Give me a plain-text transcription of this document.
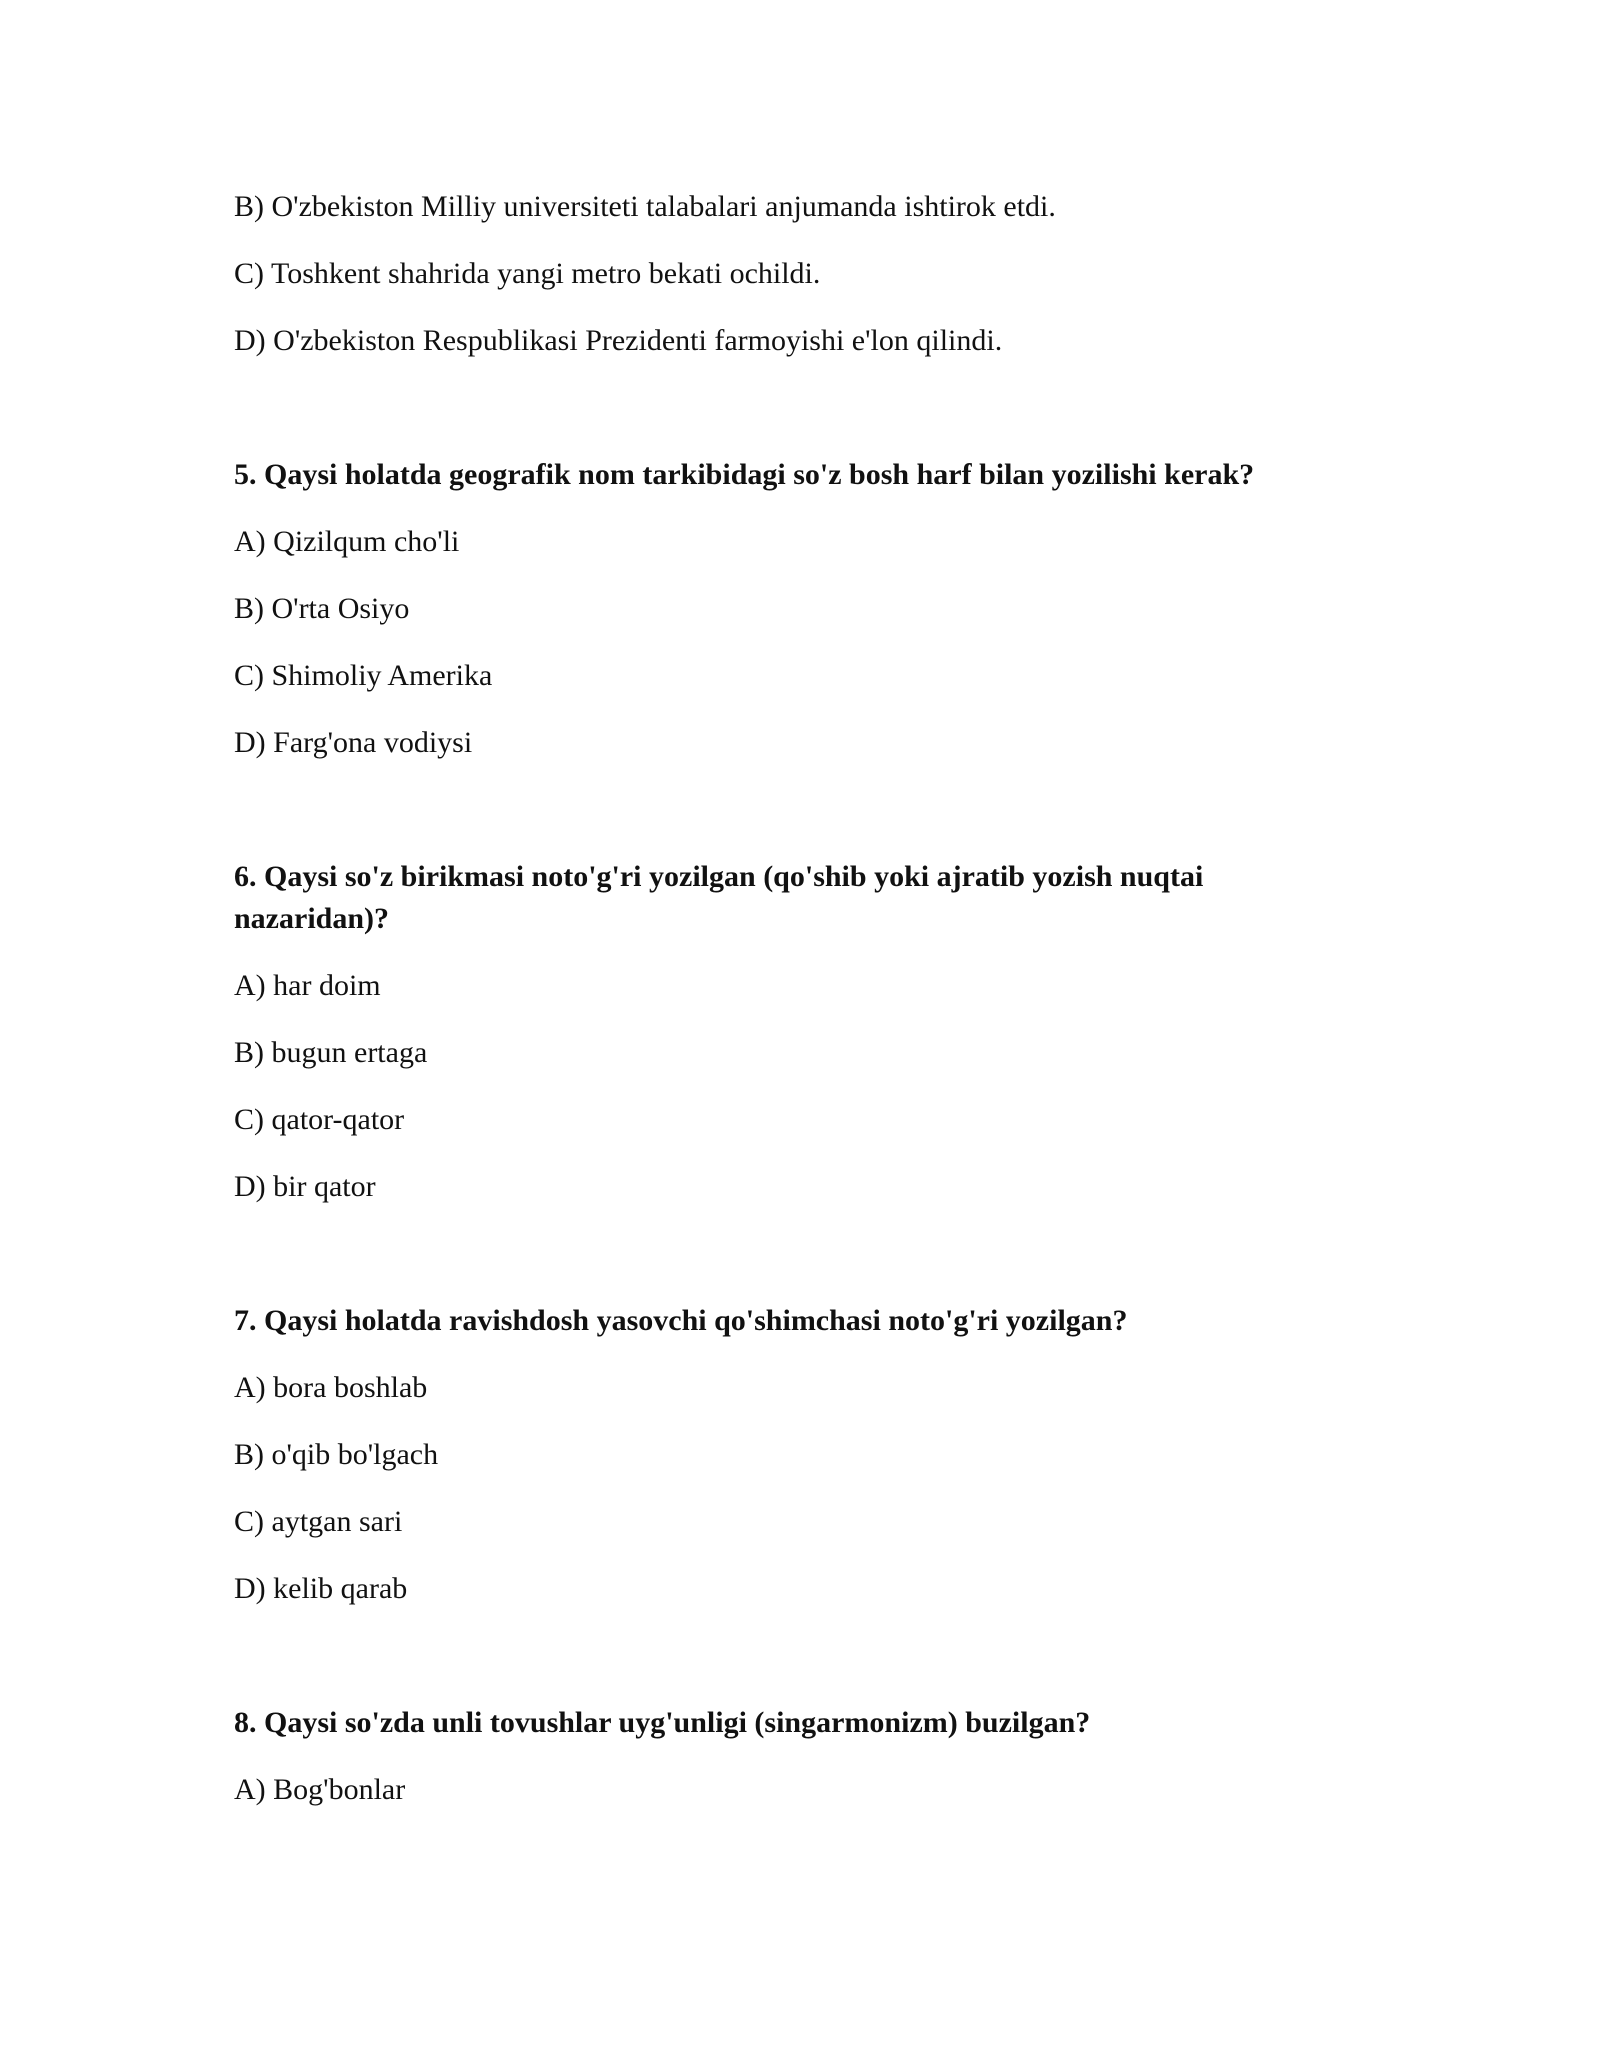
B) O'zbekiston Milliy universiteti talabalari anjumanda ishtirok etdi.
C) Toshkent shahrida yangi metro bekati ochildi.
D) O'zbekiston Respublikasi Prezidenti farmoyishi e'lon qilindi.
5. Qaysi holatda geografik nom tarkibidagi so'z bosh harf bilan yozilishi kerak?
A) Qizilqum cho'li
B) O'rta Osiyo
C) Shimoliy Amerika
D) Farg'ona vodiysi
6. Qaysi so'z birikmasi noto'g'ri yozilgan (qo'shib yoki ajratib yozish nuqtai
nazaridan)?
A) har doim
B) bugun ertaga
C) qator-qator
D) bir qator
7. Qaysi holatda ravishdosh yasovchi qo'shimchasi noto'g'ri yozilgan?
A) bora boshlab
B) o'qib bo'lgach
C) aytgan sari
D) kelib qarab
8. Qaysi so'zda unli tovushlar uyg'unligi (singarmonizm) buzilgan?
A) Bog'bonlar
